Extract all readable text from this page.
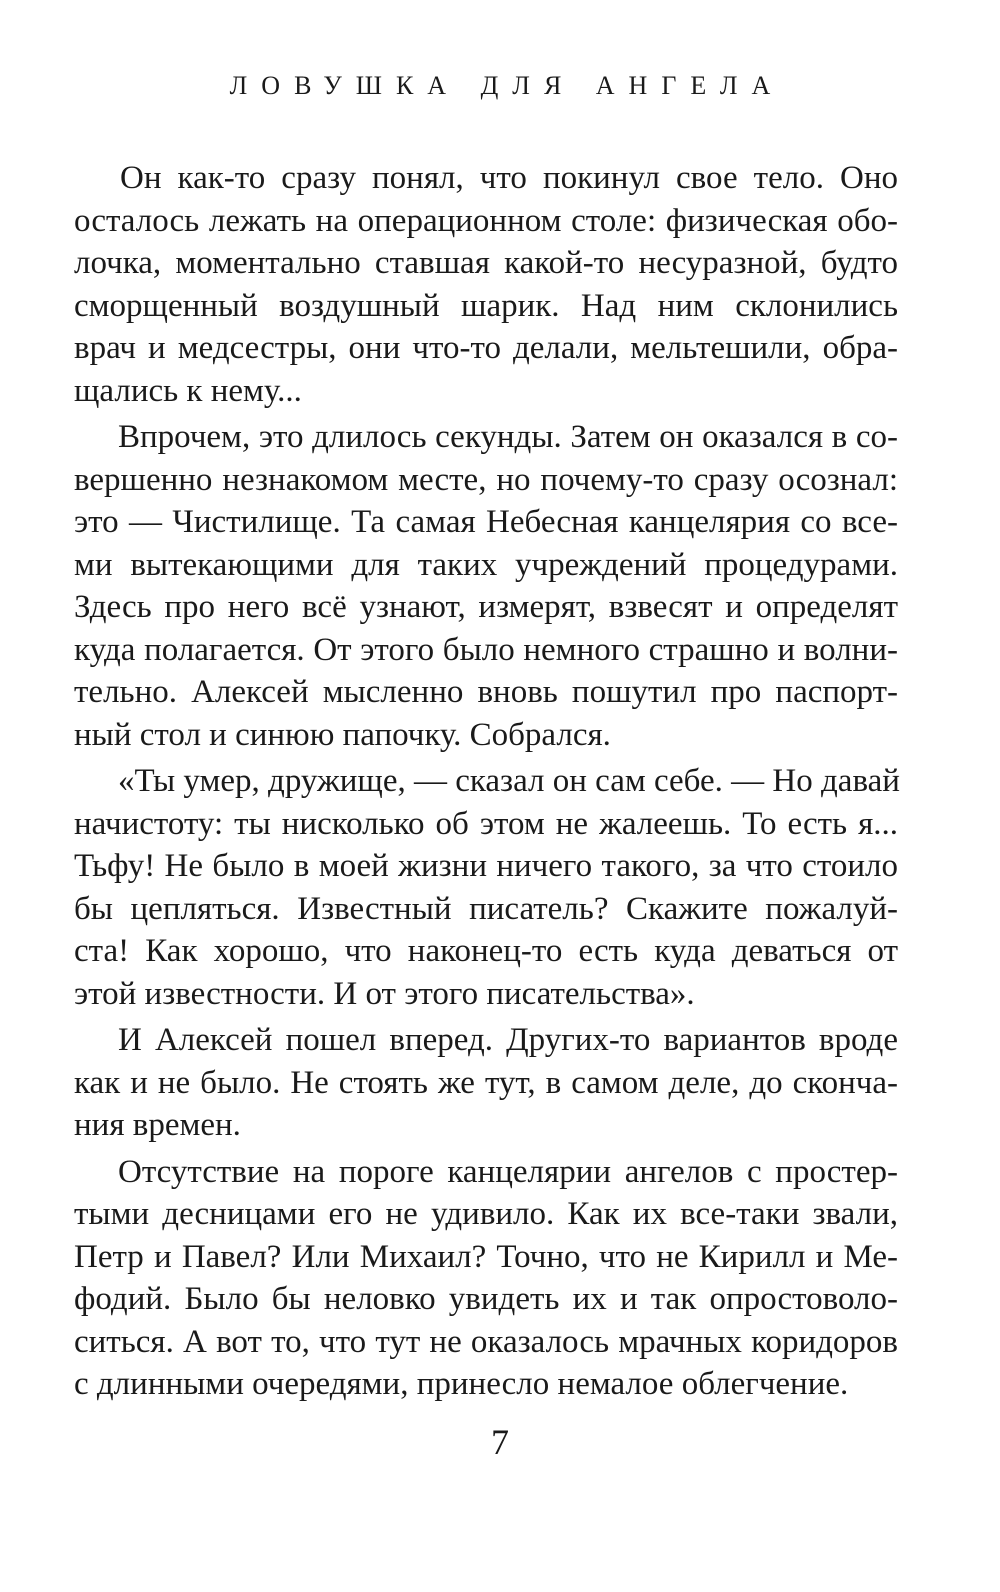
ЛОВУШКА ДЛЯ АНГЕЛА
Он как-то сразу понял, что покинул свое тело. Оно
осталось лежать на операционном столе: физическая обо-
лочка, моментально ставшая какой-то несуразной, будто
сморщенный воздушный шарик. Над ним склонились
врач и медсестры, они что-то делали, мельтешили, обра-
щались к нему...
Впрочем, это длилось секунды. Затем он оказался в со-
вершенно незнакомом месте, но почему-то сразу осознал:
это — Чистилище. Та самая Небесная канцелярия со все-
ми вытекающими для таких учреждений процедурами.
Здесь про него всё узнают, измерят, взвесят и определят
куда полагается. От этого было немного страшно и волни-
тельно. Алексей мысленно вновь пошутил про паспорт-
ный стол и синюю папочку. Собрался.
«Ты умер, дружище, — сказал он сам себе. — Но давай
начистоту: ты нисколько об этом не жалеешь. То есть я...
Тьфу! Не было в моей жизни ничего такого, за что стоило
бы цепляться. Известный писатель? Скажите пожалуй-
ста! Как хорошо, что наконец-то есть куда деваться от
этой известности. И от этого писательства».
И Алексей пошел вперед. Других-то вариантов вроде
как и не было. Не стоять же тут, в самом деле, до сконча-
ния времен.
Отсутствие на пороге канцелярии ангелов с простер-
тыми десницами его не удивило. Как их все-таки звали,
Петр и Павел? Или Михаил? Точно, что не Кирилл и Ме-
фодий. Было бы неловко увидеть их и так опростоволо-
ситься. А вот то, что тут не оказалось мрачных коридоров
с длинными очередями, принесло немалое облегчение.
7
